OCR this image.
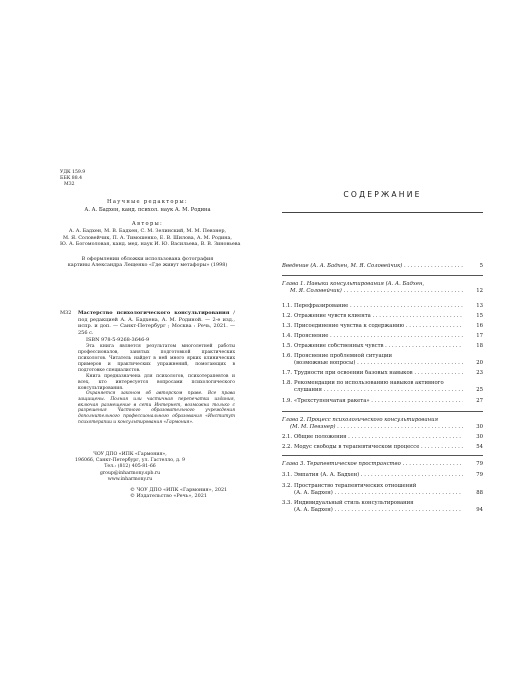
УДК 159.9
ББК 88.4
М32
Научные редакторы:
А. А. Бадхен, канд. психол. наук А. М. Родина
Авторы:
А. А. Бадхен, М. В. Бадхен, С. М. Зелинский, М. М. Певзнер,
М. Я. Соловейчик, П. А. Тимошенко, Е. В. Шилова, А. М. Родина,
Ю. А. Богомоловая, канд. мед. наук И. Ю. Васильева, В. В. Зиновьева
В оформлении обложки использована фотография
картины Александра Лещенко «Где живут метафоры» (1998)
М32 Мастерство психологического консультирования / под редакцией А. А. Бадхена, А. М. Родиной. — 2-е изд., испр. и доп. — Санкт-Петербург ; Москва : Речь, 2021. — 256 с.
ISBN 978-5-9268-3646-9

Эта книга является результатом многолетней работы профессионалов, занятых подготовкой практических психологов. Читатель найдет в ней много ярких клинических примеров и практических упражнений, помогающих в подготовке специалистов.

Книга предназначена для психологов, психотерапевтов и всех, кто интересуется вопросами психологического консультирования.

Охраняется законом об авторском праве. Все права защищены. Полная или частичная перепечатка издания, включая размещение в сети Интернет, возможна только с разрешения Частного образовательного учреждения дополнительного профессионального образования «Институт психотерапии и консультирования «Гармония».
ЧОУ ДПО «ИПК «Гармония»,
196066, Санкт-Петербург, ул. Гастелло, д. 9
Тел.: (812) 405-81-66
group@inharmony.spb.ru
www.inharmony.ru
© ЧОУ ДПО «ИПК «Гармония», 2021
© Издательство «Речь», 2021
СОДЕРЖАНИЕ
Введение (А. А. Бадхен, М. Я. Соловейчик) . . .	5
Глава 1. Навыки консультирования (А. А. Бадхен,
М. Я. Соловейчик) . . .	12
1.1. Перефразирование . . .	13
1.2. Отражение чувств клиента . . .	15
1.3. Присоединение чувства к содержанию . . .	16
1.4. Прояснение . . .	17
1.5. Отражение собственных чувств . . .	18
1.6. Прояснение проблемной ситуации
(возможные вопросы) . . .	20
1.7. Трудности при освоении базовых навыков . . .	23
1.8. Рекомендации по использованию навыков активного
слушания . . .	25
1.9. «Трехступенчатая ракета» . . .	27
Глава 2. Процесс психологического консультирования
(М. М. Певзнер) . . .	30
2.1. Общие положения . . .	30
2.2. Модус свободы в терапевтическом процессе . . .	54
Глава 3. Терапевтическое пространство . . .	79
3.1. Эмпатия (А. А. Бадхен) . . .	79
3.2. Пространство терапевтических отношений
(А. А. Бадхен) . . .	88
3.3. Индивидуальный стиль консультирования
(А. А. Бадхен) . . .	94
